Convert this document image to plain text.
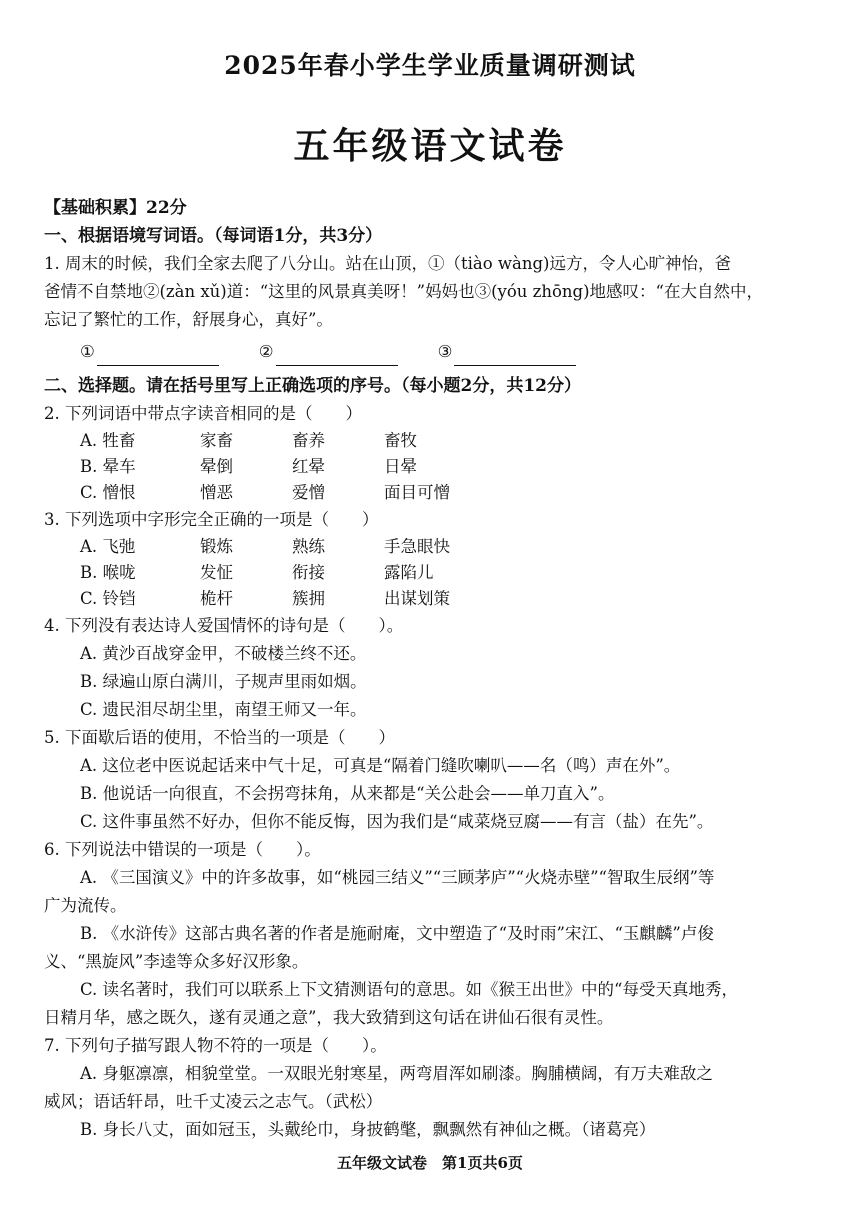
2025年春小学生学业质量调研测试
五年级语文试卷

【基础积累】22分

一、根据语境写词语。（每词语1分，共3分）

1. 周末的时候，我们全家去爬了八分山。站在山顶，①（tiào wàng)远方，令人心旷神怡，爸

爸情不自禁地②(zàn xǔ)道：“这里的风景真美呀！”妈妈也③(yóu zhōng)地感叹：“在大自然中，

忘记了繁忙的工作，舒展身心，真好”。

①	②	③

二、选择题。请在括号里写上正确选项的序号。（每小题2分，共12分）

2. 下列词语中带点字读音相同的是（　　）

A. 牲畜	家畜	畜养	畜牧
B. 晕车	晕倒	红晕	日晕
C. 憎恨	憎恶	爱憎	面目可憎

3. 下列选项中字形完全正确的一项是（　　）

A. 飞弛	锻炼	熟练	手急眼快
B. 喉咙	发怔	衔接	露陷儿
C. 铃铛	桅杆	簇拥	出谋划策

4. 下列没有表达诗人爱国情怀的诗句是（　　）。

A. 黄沙百战穿金甲，不破楼兰终不还。

B. 绿遍山原白满川，子规声里雨如烟。

C. 遗民泪尽胡尘里，南望王师又一年。

5. 下面歇后语的使用，不恰当的一项是（　　）

A. 这位老中医说起话来中气十足，可真是“隔着门缝吹喇叭——名（鸣）声在外”。

B. 他说话一向很直，不会拐弯抹角，从来都是“关公赴会——单刀直入”。

C. 这件事虽然不好办，但你不能反悔，因为我们是“咸菜烧豆腐——有言（盐）在先”。

6. 下列说法中错误的一项是（　　）。

A. 《三国演义》中的许多故事，如“桃园三结义”“三顾茅庐”“火烧赤壁”“智取生辰纲”等

广为流传。

B. 《水浒传》这部古典名著的作者是施耐庵，文中塑造了“及时雨”宋江、“玉麒麟”卢俊

义、“黑旋风”李逵等众多好汉形象。

C. 读名著时，我们可以联系上下文猜测语句的意思。如《猴王出世》中的“每受天真地秀，

日精月华，感之既久，遂有灵通之意”，我大致猜到这句话在讲仙石很有灵性。

7. 下列句子描写跟人物不符的一项是（　　）。

A. 身躯凛凛，相貌堂堂。一双眼光射寒星，两弯眉浑如刷漆。胸脯横阔，有万夫难敌之

威风；语话轩昂，吐千丈凌云之志气。（武松）

B. 身长八丈，面如冠玉，头戴纶巾，身披鹤氅，飘飘然有神仙之概。（诸葛亮）

五年级文试卷　第1页共6页
